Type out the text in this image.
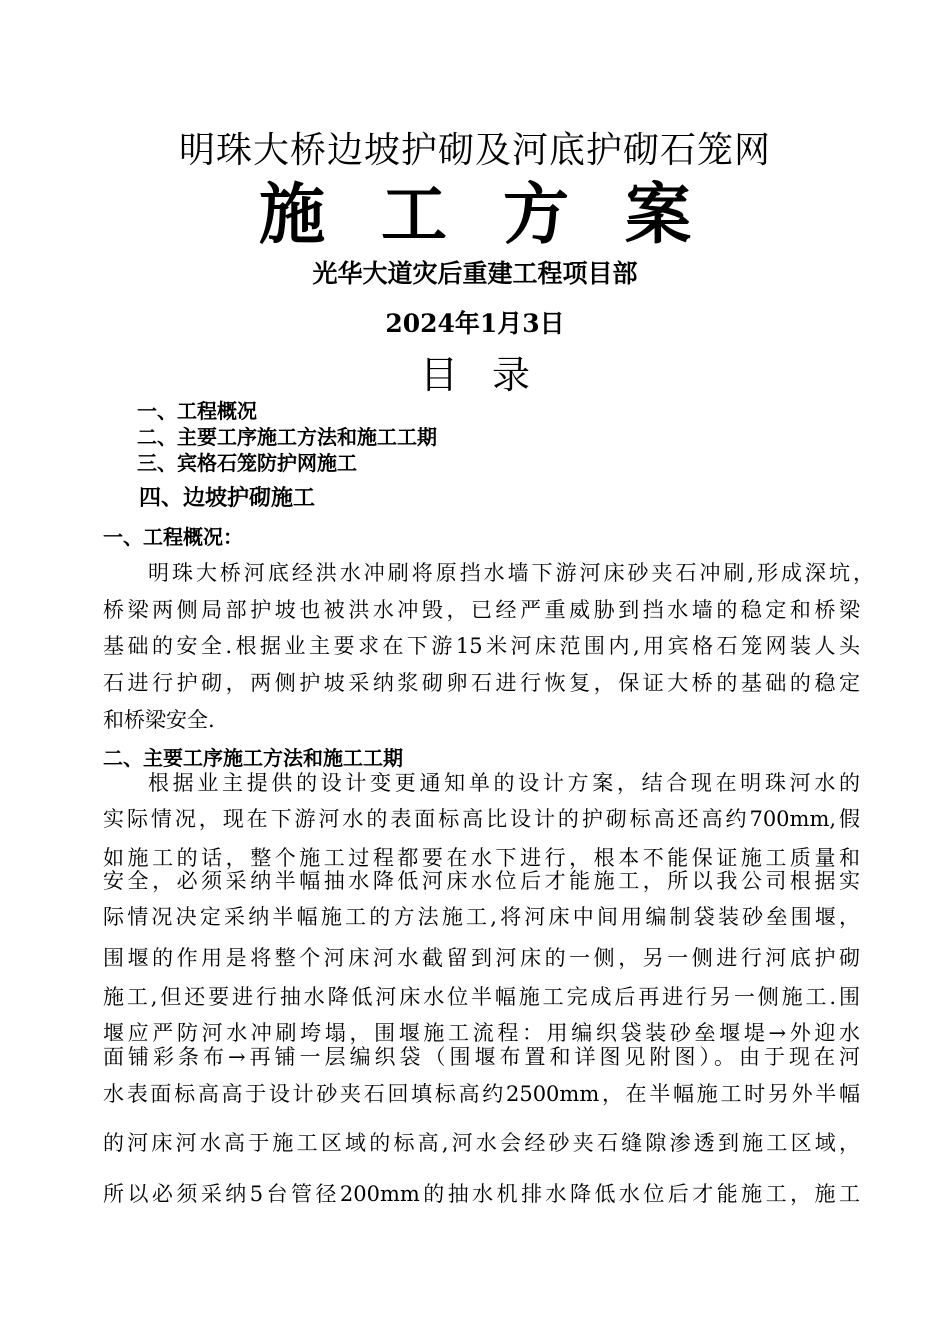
明珠大桥边坡护砌及河底护砌石笼网
施工方案
光华大道灾后重建工程项目部
2024年1月3日
目录
一、工程概况
二、主要工序施工方法和施工工期
三、宾格石笼防护网施工
四、边坡护砌施工
一、工程概况：
明珠大桥河底经洪水冲刷将原挡水墙下游河床砂夹石冲刷,形成深坑，
桥梁两侧局部护坡也被洪水冲毁，已经严重威胁到挡水墙的稳定和桥梁
基础的安全.根据业主要求在下游15米河床范围内,用宾格石笼网装人头
石进行护砌，两侧护坡采纳浆砌卵石进行恢复，保证大桥的基础的稳定
和桥梁安全.
二、主要工序施工方法和施工工期
根据业主提供的设计变更通知单的设计方案，结合现在明珠河水的
实际情况，现在下游河水的表面标高比设计的护砌标高还高约700mm,假
如施工的话，整个施工过程都要在水下进行，根本不能保证施工质量和
安全，必须采纳半幅抽水降低河床水位后才能施工，所以我公司根据实
际情况决定采纳半幅施工的方法施工,将河床中间用编制袋装砂垒围堰，
围堰的作用是将整个河床河水截留到河床的一侧，另一侧进行河底护砌
施工,但还要进行抽水降低河床水位半幅施工完成后再进行另一侧施工.围
堰应严防河水冲刷垮塌，围堰施工流程：用编织袋装砂垒堰堤→外迎水
面铺彩条布→再铺一层编织袋（围堰布置和详图见附图）。由于现在河
水表面标高高于设计砂夹石回填标高约2500mm，在半幅施工时另外半幅
的河床河水高于施工区域的标高,河水会经砂夹石缝隙渗透到施工区域，
所以必须采纳5台管径200mm的抽水机排水降低水位后才能施工，施工
